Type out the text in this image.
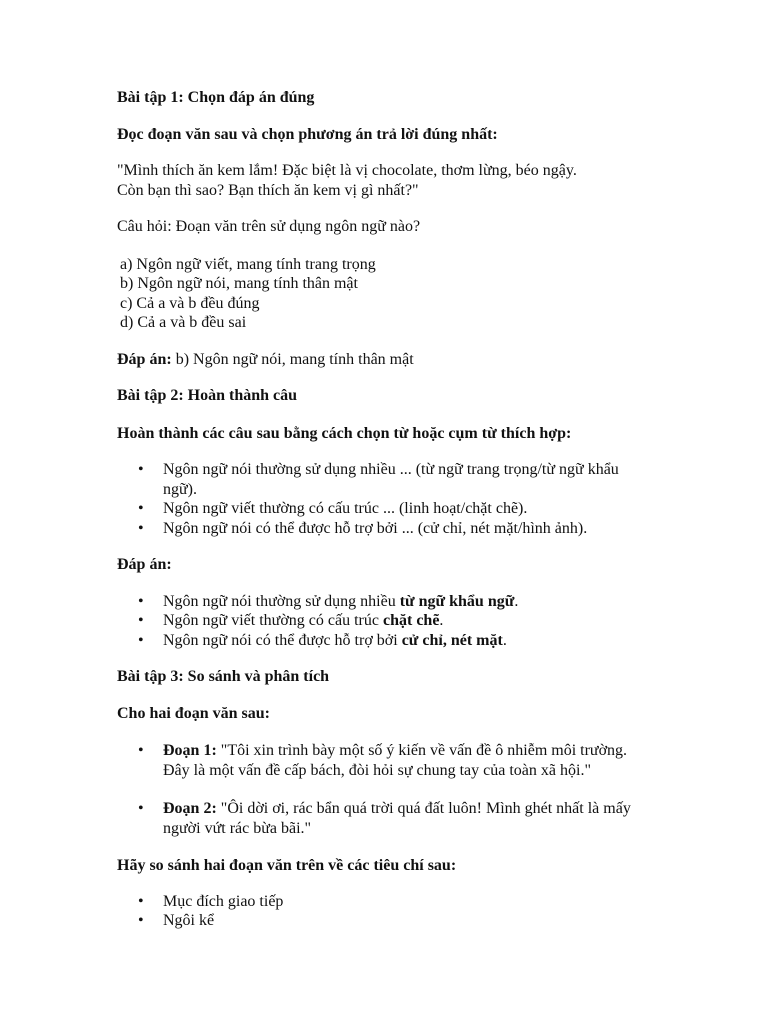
Bài tập 1: Chọn đáp án đúng
Đọc đoạn văn sau và chọn phương án trả lời đúng nhất:
"Mình thích ăn kem lắm! Đặc biệt là vị chocolate, thơm lừng, béo ngậy.
Còn bạn thì sao? Bạn thích ăn kem vị gì nhất?"
Câu hỏi: Đoạn văn trên sử dụng ngôn ngữ nào?
a) Ngôn ngữ viết, mang tính trang trọng
b) Ngôn ngữ nói, mang tính thân mật
c) Cả a và b đều đúng
d) Cả a và b đều sai
Đáp án: b) Ngôn ngữ nói, mang tính thân mật
Bài tập 2: Hoàn thành câu
Hoàn thành các câu sau bằng cách chọn từ hoặc cụm từ thích hợp:
• Ngôn ngữ nói thường sử dụng nhiều ... (từ ngữ trang trọng/từ ngữ khẩu ngữ).
• Ngôn ngữ viết thường có cấu trúc ... (linh hoạt/chặt chẽ).
• Ngôn ngữ nói có thể được hỗ trợ bởi ... (cử chỉ, nét mặt/hình ảnh).
Đáp án:
• Ngôn ngữ nói thường sử dụng nhiều từ ngữ khẩu ngữ.
• Ngôn ngữ viết thường có cấu trúc chặt chẽ.
• Ngôn ngữ nói có thể được hỗ trợ bởi cử chỉ, nét mặt.
Bài tập 3: So sánh và phân tích
Cho hai đoạn văn sau:
• Đoạn 1: "Tôi xin trình bày một số ý kiến về vấn đề ô nhiễm môi trường. Đây là một vấn đề cấp bách, đòi hỏi sự chung tay của toàn xã hội."
• Đoạn 2: "Ôi dời ơi, rác bẩn quá trời quá đất luôn! Mình ghét nhất là mấy người vứt rác bừa bãi."
Hãy so sánh hai đoạn văn trên về các tiêu chí sau:
• Mục đích giao tiếp
• Ngôi kể
